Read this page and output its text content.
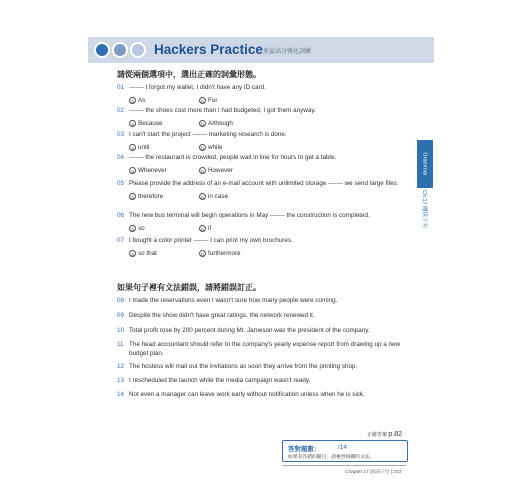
Hackers Practice 多益高分強化訓練
Grammar
Ch 17 關係子句
請從兩個選項中，選出正確的詞彙形態。
01 ------- I forgot my wallet, I didn't have any ID card.
a As	b For
02 ------- the shoes cost more than I had budgeted, I got them anyway.
a Because	b Although
03 I can't start the project ------- marketing research is done.
a until	b while
04 ------- the restaurant is crowded, people wait in line for hours to get a table.
a Whenever	b However
05 Please provide the address of an e-mail account with unlimited storage ------- we send large files.
a therefore	b in case
06 The new bus terminal will begin operations in May ------- the construction is completed.
a so	b if
07 I bought a color printer ------- I can print my own brochures.
a so that	b furthermore
如果句子裡有文法錯誤，請將錯誤訂正。
08 I made the reservations even I wasn't sure how many people were coming.
09 Despite the show didn't have great ratings, the network renewed it.
10 Total profit rose by 200 percent during Mr. Jameson was the president of the company.
11 The head accountant should refer to the company's yearly expense report from drawing up a new budget plan.
12 The hostess will mail out the invitations as soon they arrive from the printing shop.
13 I rescheduled the launch while the media campaign wasn't ready.
14 Not even a manager can leave work early without notification unless when he is sick.
正確答案 p.82
答對題數：	/14
如果有答錯的題目，請複習相關的文法。
Chapter 17 副詞子句 | 203
